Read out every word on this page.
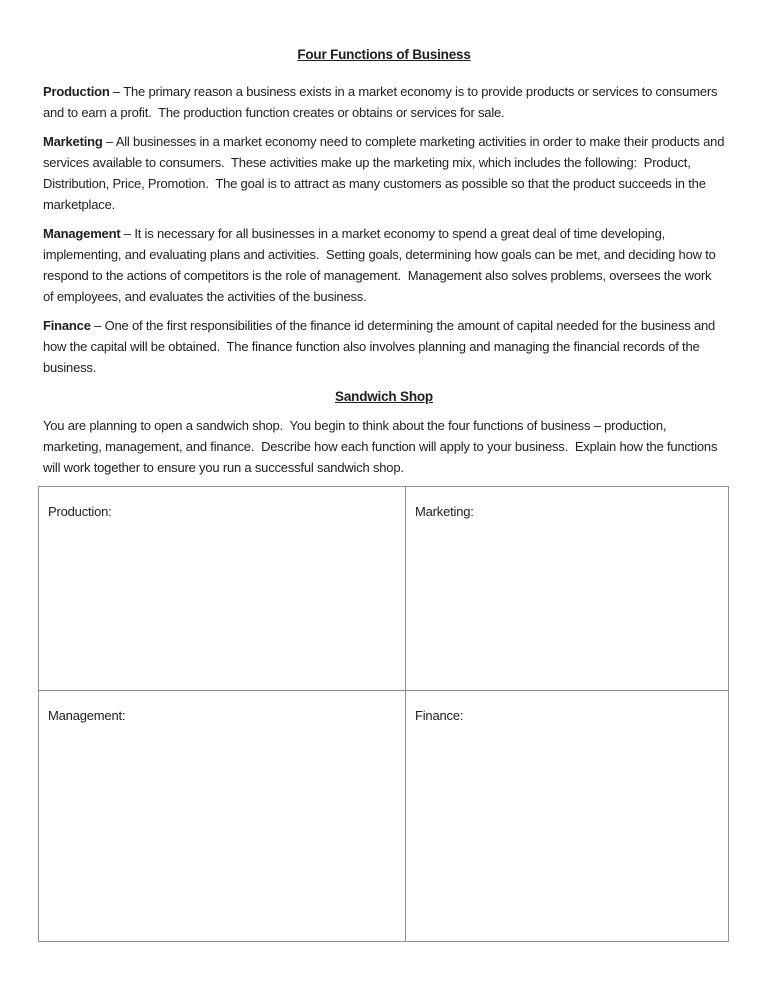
Four Functions of Business

Production – The primary reason a business exists in a market economy is to provide products or services to consumers and to earn a profit.  The production function creates or obtains or services for sale.

Marketing – All businesses in a market economy need to complete marketing activities in order to make their products and services available to consumers.  These activities make up the marketing mix, which includes the following:  Product, Distribution, Price, Promotion.  The goal is to attract as many customers as possible so that the product succeeds in the marketplace.

Management – It is necessary for all businesses in a market economy to spend a great deal of time developing, implementing, and evaluating plans and activities.  Setting goals, determining how goals can be met, and deciding how to respond to the actions of competitors is the role of management.  Management also solves problems, oversees the work of employees, and evaluates the activities of the business.

Finance – One of the first responsibilities of the finance id determining the amount of capital needed for the business and how the capital will be obtained.  The finance function also involves planning and managing the financial records of the business.

Sandwich Shop

You are planning to open a sandwich shop.  You begin to think about the four functions of business – production, marketing, management, and finance.  Describe how each function will apply to your business.  Explain how the functions will work together to ensure you run a successful sandwich shop.

Production:	Marketing:
Management:	Finance:
